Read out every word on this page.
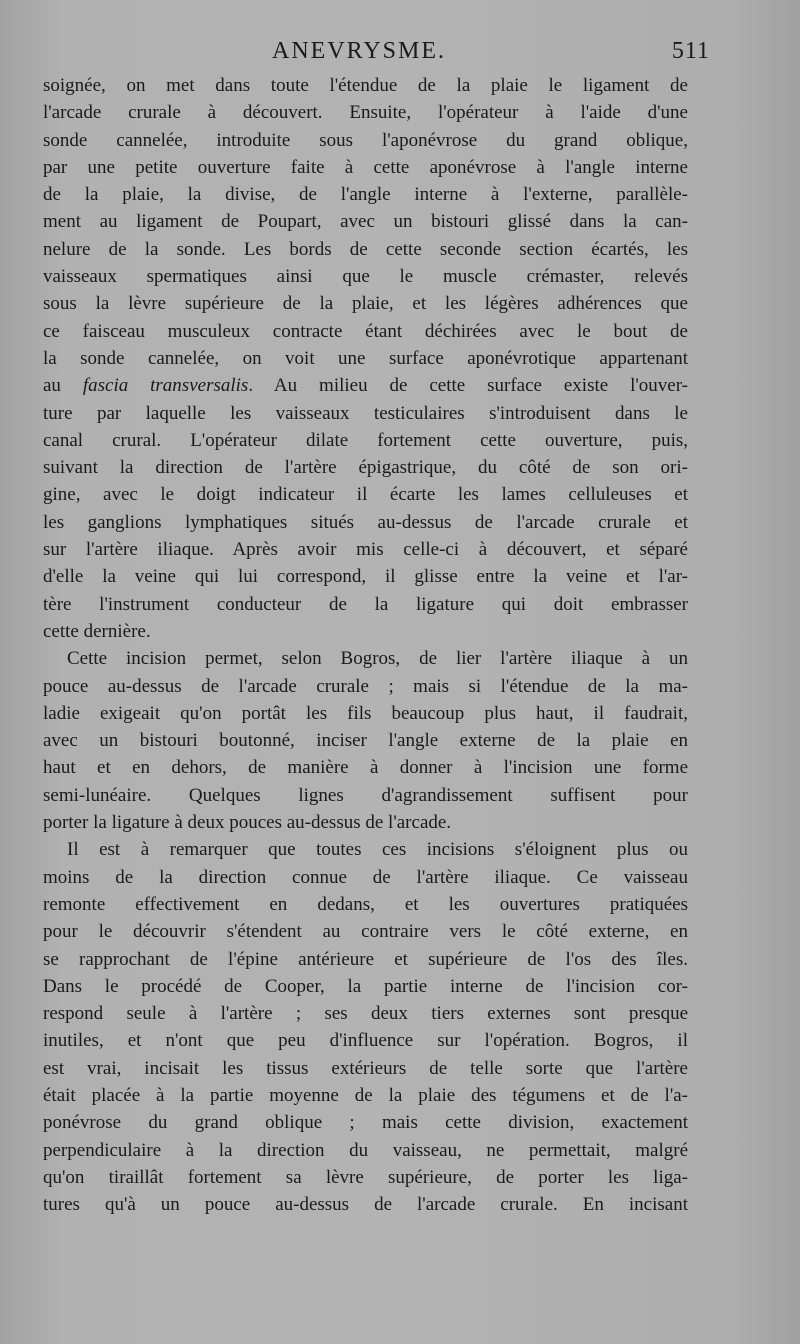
ANEVRYSME.	511
soignée, on met dans toute l'étendue de la plaie le ligament de
l'arcade crurale à découvert. Ensuite, l'opérateur à l'aide d'une
sonde cannelée, introduite sous l'aponévrose du grand oblique,
par une petite ouverture faite à cette aponévrose à l'angle interne
de la plaie, la divise, de l'angle interne à l'externe, parallèle-
ment au ligament de Poupart, avec un bistouri glissé dans la can-
nelure de la sonde. Les bords de cette seconde section écartés, les
vaisseaux spermatiques ainsi que le muscle crémaster, relevés
sous la lèvre supérieure de la plaie, et les légères adhérences que
ce faisceau musculeux contracte étant déchirées avec le bout de
la sonde cannelée, on voit une surface aponévrotique appartenant
au fascia transversalis. Au milieu de cette surface existe l'ouver-
ture par laquelle les vaisseaux testiculaires s'introduisent dans le
canal crural. L'opérateur dilate fortement cette ouverture, puis,
suivant la direction de l'artère épigastrique, du côté de son ori-
gine, avec le doigt indicateur il écarte les lames celluleuses et
les ganglions lymphatiques situés au-dessus de l'arcade crurale et
sur l'artère iliaque. Après avoir mis celle-ci à découvert, et séparé
d'elle la veine qui lui correspond, il glisse entre la veine et l'ar-
tère l'instrument conducteur de la ligature qui doit embrasser
cette dernière.
Cette incision permet, selon Bogros, de lier l'artère iliaque à un
pouce au-dessus de l'arcade crurale ; mais si l'étendue de la ma-
ladie exigeait qu'on portât les fils beaucoup plus haut, il faudrait,
avec un bistouri boutonné, inciser l'angle externe de la plaie en
haut et en dehors, de manière à donner à l'incision une forme
semi-lunéaire. Quelques lignes d'agrandissement suffisent pour
porter la ligature à deux pouces au-dessus de l'arcade.
Il est à remarquer que toutes ces incisions s'éloignent plus ou
moins de la direction connue de l'artère iliaque. Ce vaisseau
remonte effectivement en dedans, et les ouvertures pratiquées
pour le découvrir s'étendent au contraire vers le côté externe, en
se rapprochant de l'épine antérieure et supérieure de l'os des îles.
Dans le procédé de Cooper, la partie interne de l'incision cor-
respond seule à l'artère ; ses deux tiers externes sont presque
inutiles, et n'ont que peu d'influence sur l'opération. Bogros, il
est vrai, incisait les tissus extérieurs de telle sorte que l'artère
était placée à la partie moyenne de la plaie des tégumens et de l'a-
ponévrose du grand oblique ; mais cette division, exactement
perpendiculaire à la direction du vaisseau, ne permettait, malgré
qu'on tiraillât fortement sa lèvre supérieure, de porter les liga-
tures qu'à un pouce au-dessus de l'arcade crurale. En incisant
